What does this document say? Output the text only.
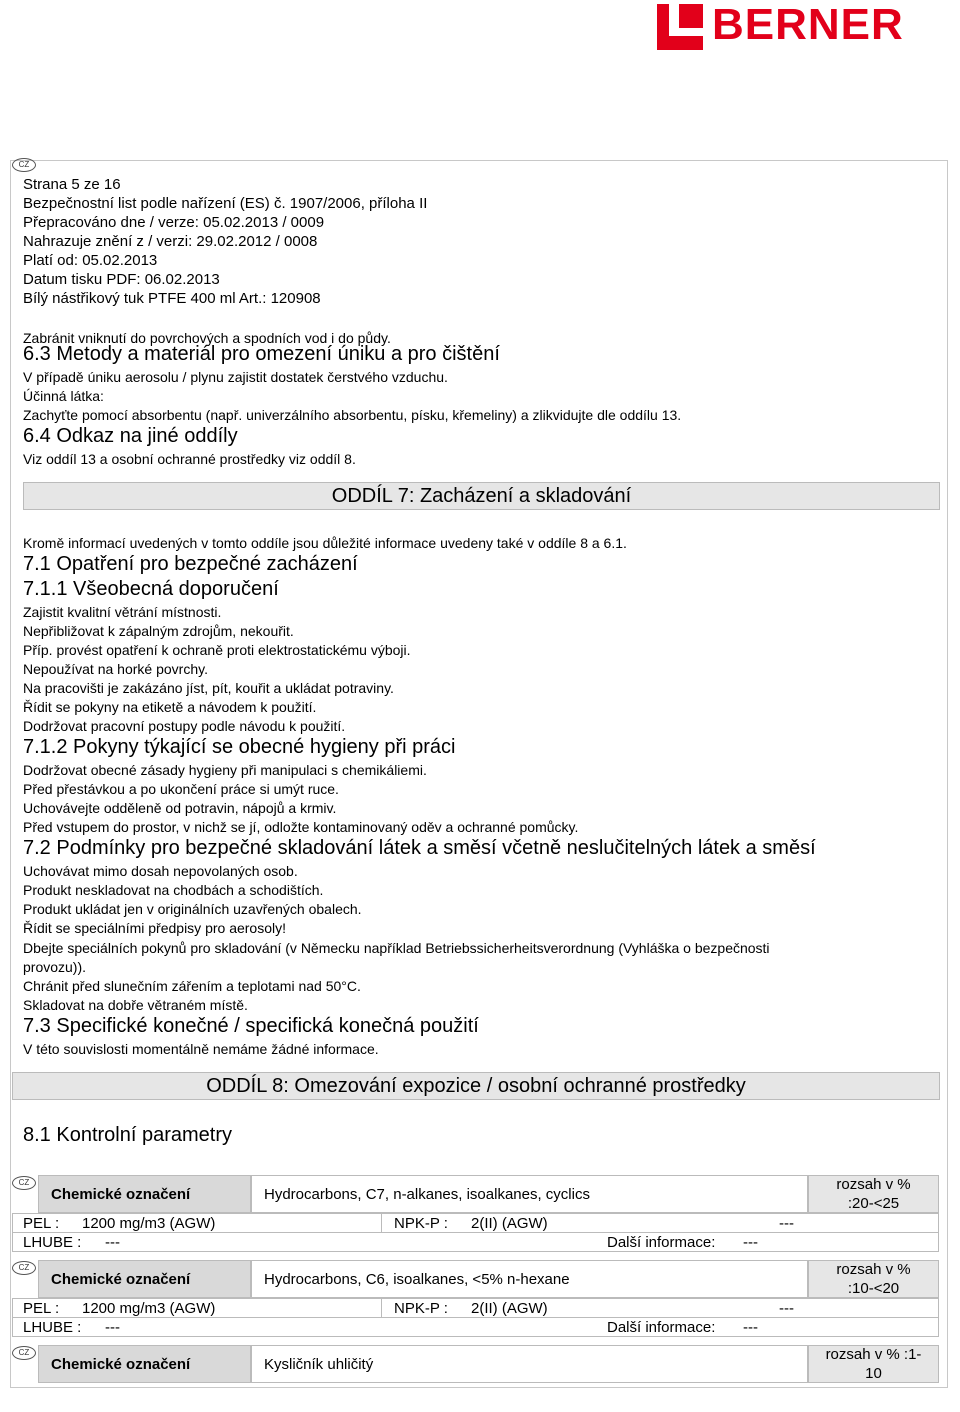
BERNER
CZ
Strana 5 ze 16
Bezpečnostní list podle nařízení (ES) č. 1907/2006, příloha II
Přepracováno dne / verze: 05.02.2013 / 0009
Nahrazuje znění z / verzi: 29.02.2012 / 0008
Platí od: 05.02.2013
Datum tisku PDF: 06.02.2013
Bílý nástřikový tuk PTFE 400 ml Art.: 120908
Zabránit vniknutí do povrchových a spodních vod i do půdy.
6.3 Metody a materiál pro omezení úniku a pro čištění
V případě úniku aerosolu / plynu zajistit dostatek čerstvého vzduchu.
Účinná látka:
Zachyťte pomocí absorbentu (např. univerzálního absorbentu, písku, křemeliny) a zlikvidujte dle oddílu 13.
6.4 Odkaz na jiné oddíly
Viz oddíl 13 a osobní ochranné prostředky viz oddíl 8.
ODDÍL 7: Zacházení a skladování
Kromě informací uvedených v tomto oddíle jsou důležité informace uvedeny také v oddíle 8 a 6.1.
7.1 Opatření pro bezpečné zacházení
7.1.1 Všeobecná doporučení
Zajistit kvalitní větrání místnosti.
Nepřibližovat k zápalným zdrojům, nekouřit.
Příp. provést opatření k ochraně proti elektrostatickému výboji.
Nepoužívat na horké povrchy.
Na pracovišti je zakázáno jíst, pít, kouřit a ukládat potraviny.
Řídit se pokyny na etiketě a návodem k použití.
Dodržovat pracovní postupy podle návodu k použití.
7.1.2 Pokyny týkající se obecné hygieny při práci
Dodržovat obecné zásady hygieny při manipulaci s chemikáliemi.
Před přestávkou a po ukončení práce si umýt ruce.
Uchovávejte odděleně od potravin, nápojů a krmiv.
Před vstupem do prostor, v nichž se jí, odložte kontaminovaný oděv a ochranné pomůcky.
7.2 Podmínky pro bezpečné skladování látek a směsí včetně neslučitelných látek a směsí
Uchovávat mimo dosah nepovolaných osob.
Produkt neskladovat na chodbách a schodištích.
Produkt ukládat jen v originálních uzavřených obalech.
Řídit se speciálními předpisy pro aerosoly!
Dbejte speciálních pokynů pro skladování (v Německu například Betriebssicherheitsverordnung (Vyhláška o bezpečnosti
provozu)).
Chránit před slunečním zářením a teplotami nad 50°C.
Skladovat na dobře větraném místě.
7.3 Specifické konečné / specifická konečná použití
V této souvislosti momentálně nemáme žádné informace.
ODDÍL 8: Omezování expozice / osobní ochranné prostředky
8.1 Kontrolní parametry
CZ
Chemické označení	Hydrocarbons, C7, n-alkanes, isoalkanes, cyclics
rozsah v %
:20-<25
PEL : 1200 mg/m3 (AGW)	NPK-P : 2(II) (AGW)	---
LHUBE : ---	Další informace: ---
CZ
Chemické označení	Hydrocarbons, C6, isoalkanes, <5% n-hexane
rozsah v %
:10-<20
PEL : 1200 mg/m3 (AGW)	NPK-P : 2(II) (AGW)	---
LHUBE : ---	Další informace: ---
CZ
Chemické označení	Kysličník uhličitý
rozsah v % :1-
10
